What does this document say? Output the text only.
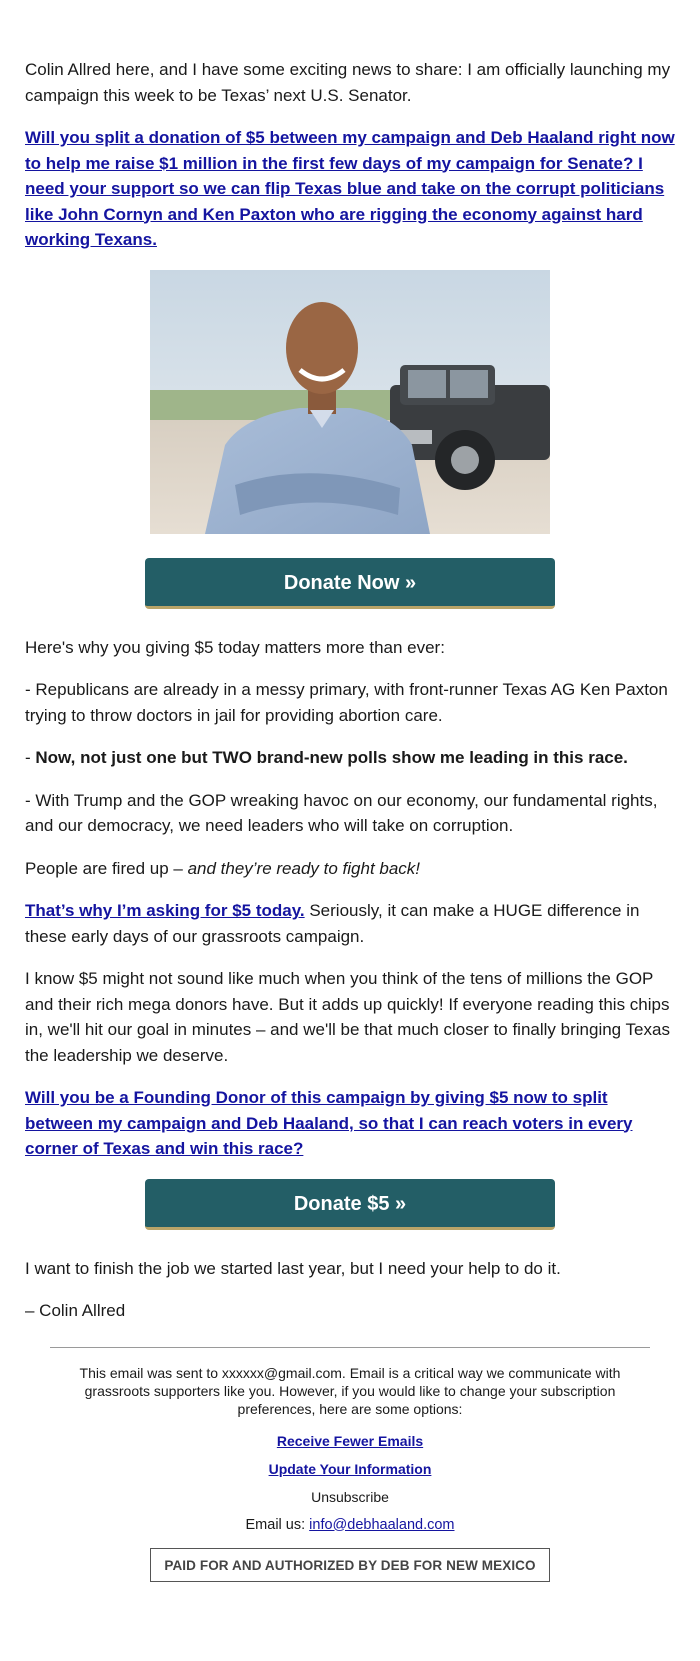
Colin Allred here, and I have some exciting news to share: I am officially launching my campaign this week to be Texas’ next U.S. Senator.

Will you split a donation of $5 between my campaign and Deb Haaland right now to help me raise $1 million in the first few days of my campaign for Senate? I need your support so we can flip Texas blue and take on the corrupt politicians like John Cornyn and Ken Paxton who are rigging the economy against hard working Texans.

Donate Now »

Here's why you giving $5 today matters more than ever:

- Republicans are already in a messy primary, with front-runner Texas AG Ken Paxton trying to throw doctors in jail for providing abortion care.

- Now, not just one but TWO brand-new polls show me leading in this race.

- With Trump and the GOP wreaking havoc on our economy, our fundamental rights, and our democracy, we need leaders who will take on corruption.

People are fired up – and they’re ready to fight back!

That’s why I’m asking for $5 today. Seriously, it can make a HUGE difference in these early days of our grassroots campaign.

I know $5 might not sound like much when you think of the tens of millions the GOP and their rich mega donors have. But it adds up quickly! If everyone reading this chips in, we'll hit our goal in minutes – and we'll be that much closer to finally bringing Texas the leadership we deserve.

Will you be a Founding Donor of this campaign by giving $5 now to split between my campaign and Deb Haaland, so that I can reach voters in every corner of Texas and win this race?

Donate $5 »

I want to finish the job we started last year, but I need your help to do it.

– Colin Allred

This email was sent to xxxxxx@gmail.com. Email is a critical way we communicate with grassroots supporters like you. However, if you would like to change your subscription preferences, here are some options:

Receive Fewer Emails
Update Your Information
Unsubscribe

Email us: info@debhaaland.com

PAID FOR AND AUTHORIZED BY DEB FOR NEW MEXICO
